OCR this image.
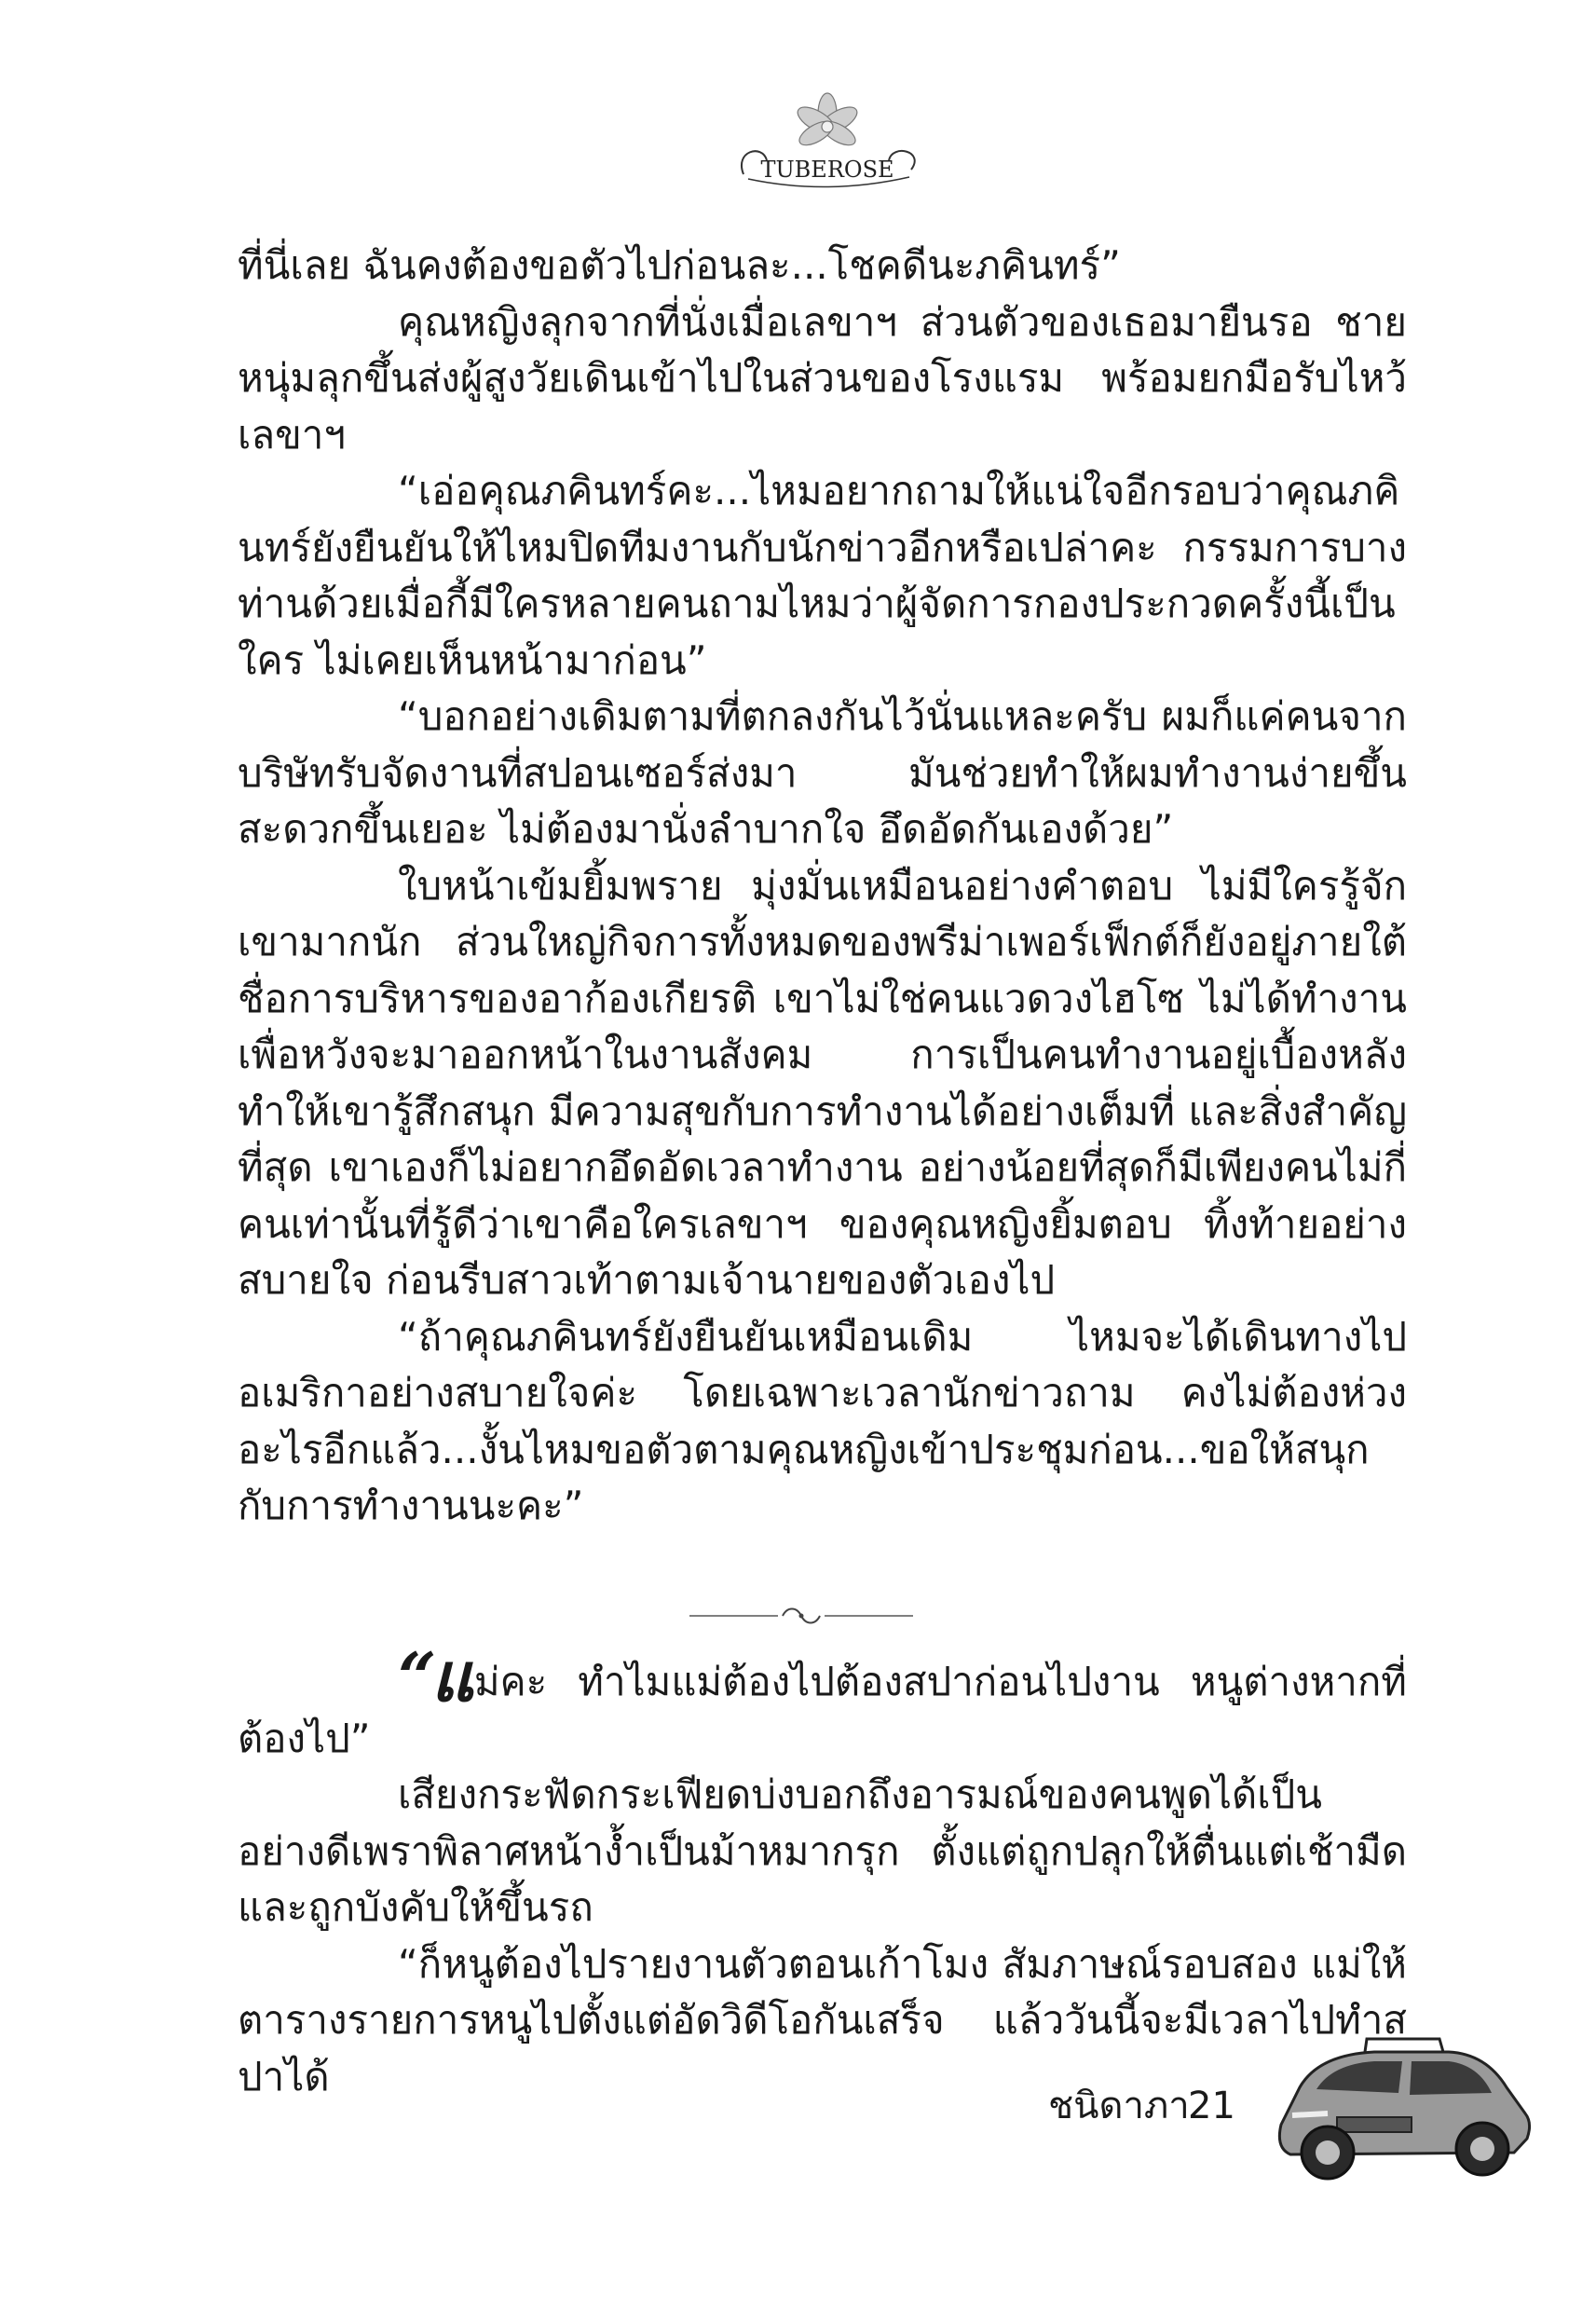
TUBEROSE

ที่นี่เลย ฉันคงต้องขอตัวไปก่อนละ...โชคดีนะภคินทร์”

คุณหญิงลุกจากที่นั่งเมื่อเลขาฯ ส่วนตัวของเธอมายืนรอ ชายหนุ่มลุกขึ้นส่งผู้สูงวัยเดินเข้าไปในส่วนของโรงแรม พร้อมยกมือรับไหว้เลขาฯ

“เอ่อคุณภคินทร์คะ...ไหมอยากถามให้แน่ใจอีกรอบว่าคุณภคินทร์ยังยืนยันให้ไหมปิดทีมงานกับนักข่าวอีกหรือเปล่าคะ กรรมการบางท่านด้วยเมื่อกี้มีใครหลายคนถามไหมว่าผู้จัดการกองประกวดครั้งนี้เป็นใคร ไม่เคยเห็นหน้ามาก่อน”

“บอกอย่างเดิมตามที่ตกลงกันไว้นั่นแหละครับ ผมก็แค่คนจากบริษัทรับจัดงานที่สปอนเซอร์ส่งมา มันช่วยทำให้ผมทำงานง่ายขึ้น สะดวกขึ้นเยอะ ไม่ต้องมานั่งลำบากใจ อึดอัดกันเองด้วย”

ใบหน้าเข้มยิ้มพราย มุ่งมั่นเหมือนอย่างคำตอบ ไม่มีใครรู้จักเขามากนัก ส่วนใหญ่กิจการทั้งหมดของพรีม่าเพอร์เฟ็กต์ก็ยังอยู่ภายใต้ชื่อการบริหารของอาก้องเกียรติ เขาไม่ใช่คนแวดวงไฮโซ ไม่ได้ทำงานเพื่อหวังจะมาออกหน้าในงานสังคม การเป็นคนทำงานอยู่เบื้องหลังทำให้เขารู้สึกสนุก มีความสุขกับการทำงานได้อย่างเต็มที่ และสิ่งสำคัญที่สุด เขาเองก็ไม่อยากอึดอัดเวลาทำงาน อย่างน้อยที่สุดก็มีเพียงคนไม่กี่คนเท่านั้นที่รู้ดีว่าเขาคือใครเลขาฯ ของคุณหญิงยิ้มตอบ ทิ้งท้ายอย่างสบายใจ ก่อนรีบสาวเท้าตามเจ้านายของตัวเองไป

“ถ้าคุณภคินทร์ยังยืนยันเหมือนเดิม ไหมจะได้เดินทางไปอเมริกาอย่างสบายใจค่ะ โดยเฉพาะเวลานักข่าวถาม คงไม่ต้องห่วงอะไรอีกแล้ว...งั้นไหมขอตัวตามคุณหญิงเข้าประชุมก่อน...ขอให้สนุกกับการทำงานนะคะ”

“แม่คะ ทำไมแม่ต้องไปต้องสปาก่อนไปงาน หนูต่างหากที่ต้องไป”

เสียงกระฟัดกระเฟียดบ่งบอกถึงอารมณ์ของคนพูดได้เป็นอย่างดีเพราพิลาศหน้างํ้าเป็นม้าหมากรุก ตั้งแต่ถูกปลุกให้ตื่นแต่เช้ามืด และถูกบังคับให้ขึ้นรถ

“ก็หนูต้องไปรายงานตัวตอนเก้าโมง สัมภาษณ์รอบสอง แม่ให้ตารางรายการหนูไปตั้งแต่อัดวิดีโอกันเสร็จ แล้ววันนี้จะมีเวลาไปทำสปาได้

ชนิดาภา
21
